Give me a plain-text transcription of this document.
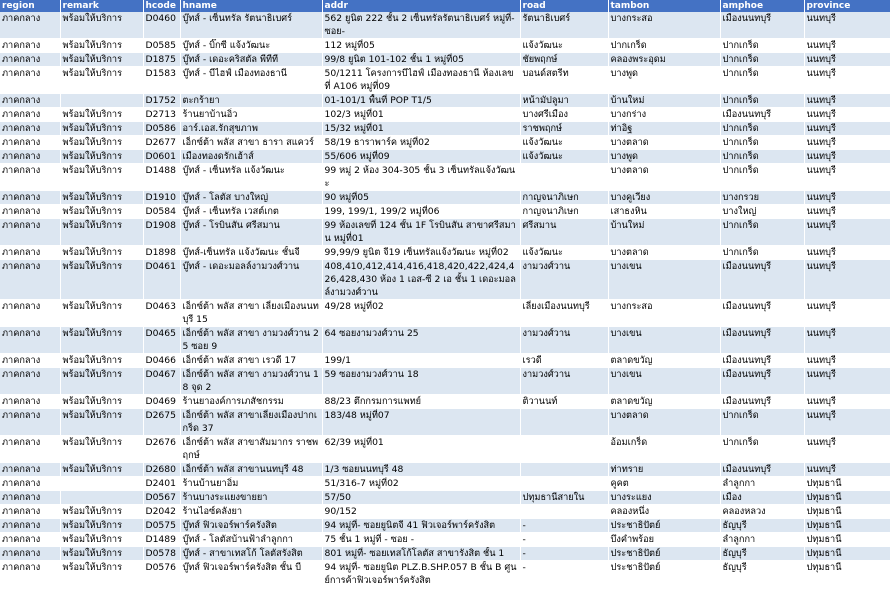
region	remark	hcode	hname	addr	road	tambon	amphoe	province
ภาคกลาง	พร้อมให้บริการ	D0460	บู๊ทส์ - เซ็นทรัล รัตนาธิเบศร์	562 ยูนิต 222 ชั้น 2 เซ็นทรัลรัตนาธิเบศร์ หมู่ที่- ซอย-	รัตนาธิเบศร์	บางกระสอ	เมืองนนทบุรี	นนทบุรี
ภาคกลาง	พร้อมให้บริการ	D0585	บู๊ทส์ - บิ๊กซี แจ้งวัฒนะ	112 หมู่ที่05	แจ้งวัฒนะ	ปากเกร็ด	ปากเกร็ด	นนทบุรี
ภาคกลาง	พร้อมให้บริการ	D1875	บู๊ทส์ - เดอะคริสตัล พีทีที	99/8 ยูนิต 101-102 ชั้น 1 หมู่ที่05	ชัยพฤกษ์	คลองพระอุดม	ปากเกร็ด	นนทบุรี
ภาคกลาง	พร้อมให้บริการ	D1583	บู๊ทส์ - บีไฮฟ์ เมืองทองธานี	50/1211 โครงการบีไฮฟ์ เมืองทองธานี ห้องเลขที่ A106 หมู่ที่09	บอนด์สตรีท	บางพูด	ปากเกร็ด	นนทบุรี
ภาคกลาง		D1752	ตะกร้ายา	01-101/1 พื้นที่ POP T1/5	หน้ามัปลูมา	บ้านใหม่	ปากเกร็ด	นนทบุรี
ภาคกลาง	พร้อมให้บริการ	D2713	ร้านยาบ้านอิ่ว	102/3 หมู่ที่01	บางศรีเมือง	บางกร่าง	เมืองนนทบุรี	นนทบุรี
ภาคกลาง	พร้อมให้บริการ	D0586	อาร์.เอส.รักสุขภาพ	15/32 หมู่ที่01	ราชพฤกษ์	ท่าอิฐ	ปากเกร็ด	นนทบุรี
ภาคกลาง	พร้อมให้บริการ	D2677	เอ็กซ์ต้า พลัส สาขา ธารา สแควร์	58/19 ธาราพาร์ค หมู่ที่02	แจ้งวัฒนะ	บางตลาด	ปากเกร็ด	นนทบุรี
ภาคกลาง	พร้อมให้บริการ	D0601	เมืองทองดรักเฮ้าส์	55/606 หมู่ที่09	แจ้งวัฒนะ	บางพูด	ปากเกร็ด	นนทบุรี
ภาคกลาง	พร้อมให้บริการ	D1488	บู๊ทส์ - เซ็นทรัล แจ้งวัฒนะ	99 หมู่ 2 ห้อง 304-305 ชั้น 3 เซ็นทรัลแจ้งวัฒนะ		บางตลาด	ปากเกร็ด	นนทบุรี
ภาคกลาง	พร้อมให้บริการ	D1910	บู๊ทส์ - โลตัส บางใหญ่	90 หมู่ที่05	กาญจนาภิเษก	บางคูเวียง	บางกรวย	นนทบุรี
ภาคกลาง	พร้อมให้บริการ	D0584	บู๊ทส์ - เซ็นทรัล เวสต์เกต	199, 199/1, 199/2 หมู่ที่06	กาญจนาภิเษก	เสาธงหิน	บางใหญ่	นนทบุรี
ภาคกลาง	พร้อมให้บริการ	D1908	บู๊ทส์ - โรบินสัน ศรีสมาน	99 ห้องเลขที่ 124 ชั้น 1F โรบินสัน สาขาศรีสมาน หมู่ที่01	ศรีสมาน	บ้านใหม่	ปากเกร็ด	นนทบุรี
ภาคกลาง	พร้อมให้บริการ	D1898	บู๊ทส์-เซ็นทรัล แจ้งวัฒนะ ชั้นจี	99,99/9 ยูนิต จี19 เซ็นทรัลแจ้งวัฒนะ หมู่ที่02	แจ้งวัฒนะ	บางตลาด	ปากเกร็ด	นนทบุรี
ภาคกลาง	พร้อมให้บริการ	D0461	บู๊ทส์ - เดอะมอลล์งามวงศ์วาน	408,410,412,414,416,418,420,422,424,426,428,430 ห้อง 1 เอส-ซี 2 เอ ชั้น 1 เดอะมอลล์งามวงศ์วาน	งามวงศ์วาน	บางเขน	เมืองนนทบุรี	นนทบุรี
ภาคกลาง	พร้อมให้บริการ	D0463	เอ็กซ์ต้า พลัส สาขา เลี่ยงเมืองนนทบุรี 15	49/28 หมู่ที่02	เลี่ยงเมืองนนทบุรี	บางกระสอ	เมืองนนทบุรี	นนทบุรี
ภาคกลาง	พร้อมให้บริการ	D0465	เอ็กซ์ต้า พลัส สาขา งามวงศ์วาน 25 ซอย 9	64 ซอยงามวงศ์วาน 25	งามวงศ์วาน	บางเขน	เมืองนนทบุรี	นนทบุรี
ภาคกลาง	พร้อมให้บริการ	D0466	เอ็กซ์ต้า พลัส สาขา เรวดี 17	199/1	เรวดี	ตลาดขวัญ	เมืองนนทบุรี	นนทบุรี
ภาคกลาง	พร้อมให้บริการ	D0467	เอ็กซ์ต้า พลัส สาขา งามวงศ์วาน 18 จุด 2	59 ซอยงามวงศ์วาน 18	งามวงศ์วาน	บางเขน	เมืองนนทบุรี	นนทบุรี
ภาคกลาง	พร้อมให้บริการ	D0469	ร้านยาองค์การเภสัชกรรม	88/23 ตึกกรมการแพทย์	ติวานนท์	ตลาดขวัญ	เมืองนนทบุรี	นนทบุรี
ภาคกลาง	พร้อมให้บริการ	D2675	เอ็กซ์ต้า พลัส สาขาเลี่ยงเมืองปากเกร็ด 37	183/48 หมู่ที่07		บางตลาด	ปากเกร็ด	นนทบุรี
ภาคกลาง	พร้อมให้บริการ	D2676	เอ็กซ์ต้า พลัส สาขาสัมมากร ราชพฤกษ์	62/39 หมู่ที่01		อ้อมเกร็ด	ปากเกร็ด	นนทบุรี
ภาคกลาง	พร้อมให้บริการ	D2680	เอ็กซ์ต้า พลัส สาขานนทบุรี 48	1/3 ซอยนนทบุรี 48		ท่าทราย	เมืองนนทบุรี	นนทบุรี
ภาคกลาง		D2401	ร้านบ้านยาอิ่ม	51/316-7 หมู่ที่02		คูคต	ลำลูกกา	ปทุมธานี
ภาคกลาง		D0567	ร้านบางระแยงขายยา	57/50	ปทุมธานีสายใน	บางระแยง	เมือง	ปทุมธานี
ภาคกลาง	พร้อมให้บริการ	D2042	ร้านไอซ์คลังยา	90/152		คลองหนึ่ง	คลองหลวง	ปทุมธานี
ภาคกลาง	พร้อมให้บริการ	D0575	บู๊ทส์ ฟิวเจอร์พาร์ครังสิต	94 หมู่ที่- ซอยยูนิตจี 41 ฟิวเจอร์พาร์ครังสิต	-	ประชาธิปัตย์	ธัญบุรี	ปทุมธานี
ภาคกลาง	พร้อมให้บริการ	D1489	บู๊ทส์ - โลตัสบ้านฟ้าลำลูกกา	75 ชั้น 1 หมู่ที่ - ซอย -	-	บึงคำพร้อย	ลำลูกกา	ปทุมธานี
ภาคกลาง	พร้อมให้บริการ	D0578	บู๊ทส์ - สาขาเทสโก้ โลตัสรังสิต	801 หมู่ที่- ซอยเทสโก้โลตัส สาขารังสิต ชั้น 1	-	ประชาธิปัตย์	ธัญบุรี	ปทุมธานี
ภาคกลาง	พร้อมให้บริการ	D0576	บู๊ทส์ ฟิวเจอร์พาร์ครังสิต ชั้น บี	94 หมู่ที่- ซอยยูนิต PLZ.B.SHP.057 B ชั้น B ศูนย์การค้าฟิวเจอร์พาร์ครังสิต	-	ประชาธิปัตย์	ธัญบุรี	ปทุมธานี
